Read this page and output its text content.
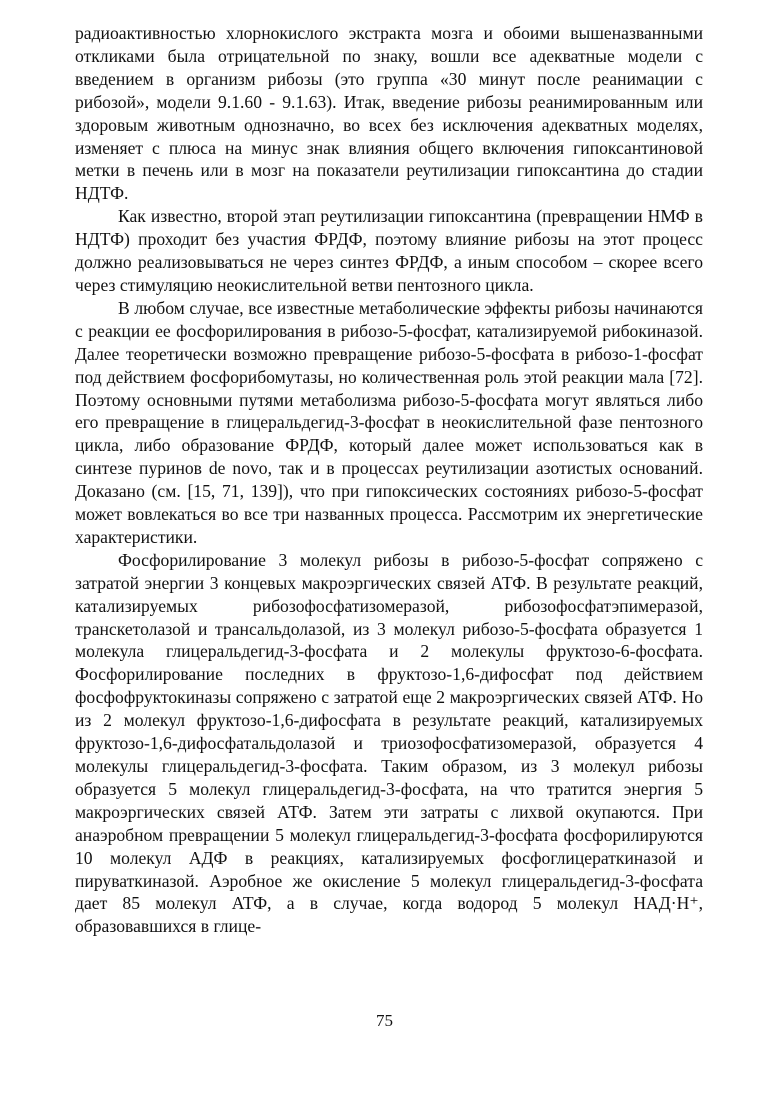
радиоактивностью хлорнокислого экстракта мозга и обоими вышеназванными откликами была отрицательной по знаку, вошли все адекватные модели с введением в организм рибозы (это группа «30 минут после реанимации с рибозой», модели 9.1.60 - 9.1.63). Итак, введение рибозы реанимированным или здоровым животным однозначно, во всех без исключения адекватных моделях, изменяет с плюса на минус знак влияния общего включения гипоксантиновой метки в печень или в мозг на показатели реутилизации гипоксантина до стадии НДТФ.

Как известно, второй этап реутилизации гипоксантина (превращении НМФ в НДТФ) проходит без участия ФРДФ, поэтому влияние рибозы на этот процесс должно реализовываться не через синтез ФРДФ, а иным способом – скорее всего через стимуляцию неокислительной ветви пентозного цикла.

В любом случае, все известные метаболические эффекты рибозы начинаются с реакции ее фосфорилирования в рибозо-5-фосфат, катализируемой рибокиназой. Далее теоретически возможно превращение рибозо-5-фосфата в рибозо-1-фосфат под действием фосфорибомутазы, но количественная роль этой реакции мала [72]. Поэтому основными путями метаболизма рибозо-5-фосфата могут являться либо его превращение в глицеральдегид-3-фосфат в неокислительной фазе пентозного цикла, либо образование ФРДФ, который далее может использоваться как в синтезе пуринов de novo, так и в процессах реутилизации азотистых оснований. Доказано (см. [15, 71, 139]), что при гипоксических состояниях рибозо-5-фосфат может вовлекаться во все три названных процесса. Рассмотрим их энергетические характеристики.

Фосфорилирование 3 молекул рибозы в рибозо-5-фосфат сопряжено с затратой энергии 3 концевых макроэргических связей АТФ. В результате реакций, катализируемых рибозофосфатизомеразой, рибозофосфатэпимеразой, транскетолазой и трансальдолазой, из 3 молекул рибозо-5-фосфата образуется 1 молекула глицеральдегид-3-фосфата и 2 молекулы фруктозо-6-фосфата. Фосфорилирование последних в фруктозо-1,6-дифосфат под действием фосфофруктокиназы сопряжено с затратой еще 2 макроэргических связей АТФ. Но из 2 молекул фруктозо-1,6-дифосфата в результате реакций, катализируемых фруктозо-1,6-дифосфатальдолазой и триозофосфатизомеразой, образуется 4 молекулы глицеральдегид-3-фосфата. Таким образом, из 3 молекул рибозы образуется 5 молекул глицеральдегид-3-фосфата, на что тратится энергия 5 макроэргических связей АТФ. Затем эти затраты с лихвой окупаются. При анаэробном превращении 5 молекул глицеральдегид-3-фосфата фосфорилируются 10 молекул АДФ в реакциях, катализируемых фосфоглицераткиназой и пируваткиназой. Аэробное же окисление 5 молекул глицеральдегид-3-фосфата дает 85 молекул АТФ, а в случае, когда водород 5 молекул НАД·Н⁺, образовавшихся в глице-

75
